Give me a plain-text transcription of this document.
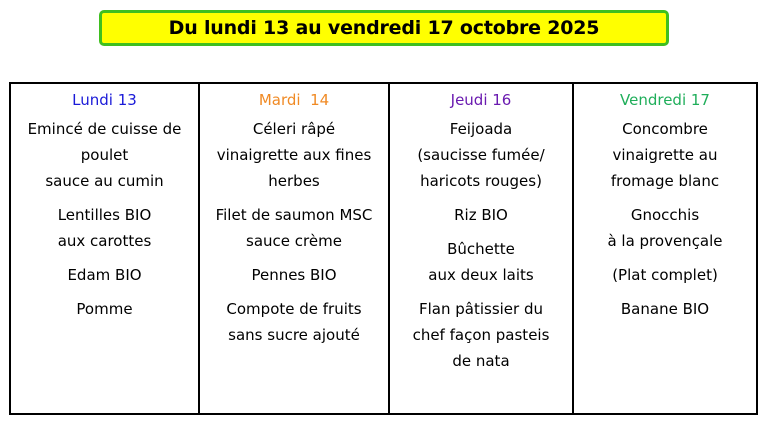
Du lundi 13 au vendredi 17 octobre 2025
Lundi 13
Emincé de cuisse de
poulet
sauce au cumin
Lentilles BIO
aux carottes
Edam BIO
Pomme
Mardi  14
Céleri râpé
vinaigrette aux fines
herbes
Filet de saumon MSC
sauce crème
Pennes BIO
Compote de fruits
sans sucre ajouté
Jeudi 16
Feijoada
(saucisse fumée/
haricots rouges)
Riz BIO
Bûchette
aux deux laits
Flan pâtissier du
chef façon pasteis
de nata
Vendredi 17
Concombre
vinaigrette au
fromage blanc
Gnocchis
à la provençale
(Plat complet)
Banane BIO
